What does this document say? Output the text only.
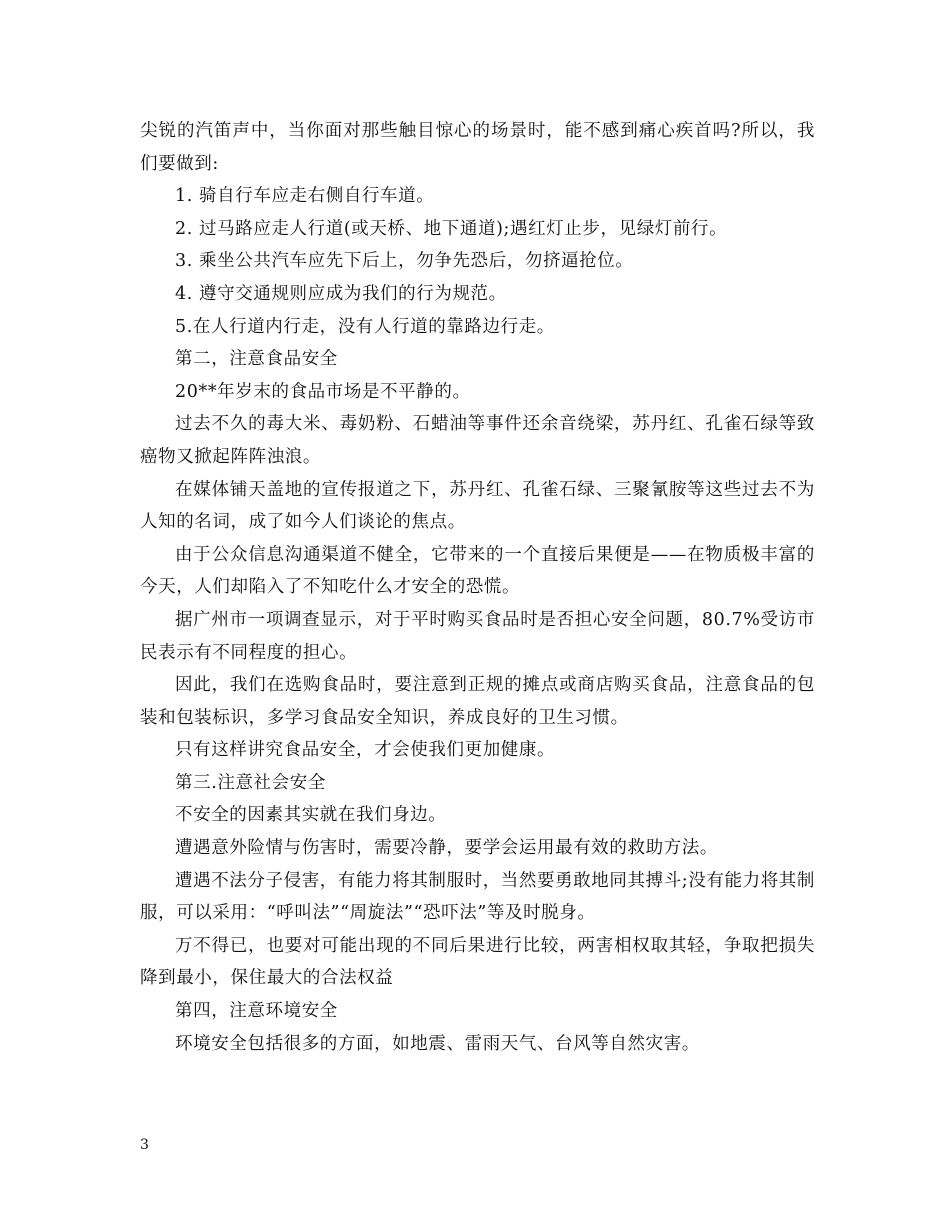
尖锐的汽笛声中，当你面对那些触目惊心的场景时，能不感到痛心疾首吗?所以，我们要做到:

1. 骑自行车应走右侧自行车道。

2. 过马路应走人行道(或天桥、地下通道);遇红灯止步，见绿灯前行。

3. 乘坐公共汽车应先下后上，勿争先恐后，勿挤逼抢位。

4. 遵守交通规则应成为我们的行为规范。

5.在人行道内行走，没有人行道的靠路边行走。

第二，注意食品安全

20**年岁末的食品市场是不平静的。

过去不久的毒大米、毒奶粉、石蜡油等事件还余音绕梁，苏丹红、孔雀石绿等致癌物又掀起阵阵浊浪。

在媒体铺天盖地的宣传报道之下，苏丹红、孔雀石绿、三聚氰胺等这些过去不为人知的名词，成了如今人们谈论的焦点。

由于公众信息沟通渠道不健全，它带来的一个直接后果便是——在物质极丰富的今天，人们却陷入了不知吃什么才安全的恐慌。

据广州市一项调查显示，对于平时购买食品时是否担心安全问题，80.7%受访市民表示有不同程度的担心。

因此，我们在选购食品时，要注意到正规的摊点或商店购买食品，注意食品的包装和包装标识，多学习食品安全知识，养成良好的卫生习惯。

只有这样讲究食品安全，才会使我们更加健康。

第三.注意社会安全

不安全的因素其实就在我们身边。

遭遇意外险情与伤害时，需要冷静，要学会运用最有效的救助方法。

遭遇不法分子侵害，有能力将其制服时，当然要勇敢地同其搏斗;没有能力将其制服，可以采用：“呼叫法”“周旋法”“恐吓法”等及时脱身。

万不得已，也要对可能出现的不同后果进行比较，两害相权取其轻，争取把损失降到最小，保住最大的合法权益

第四，注意环境安全

环境安全包括很多的方面，如地震、雷雨天气、台风等自然灾害。

3
